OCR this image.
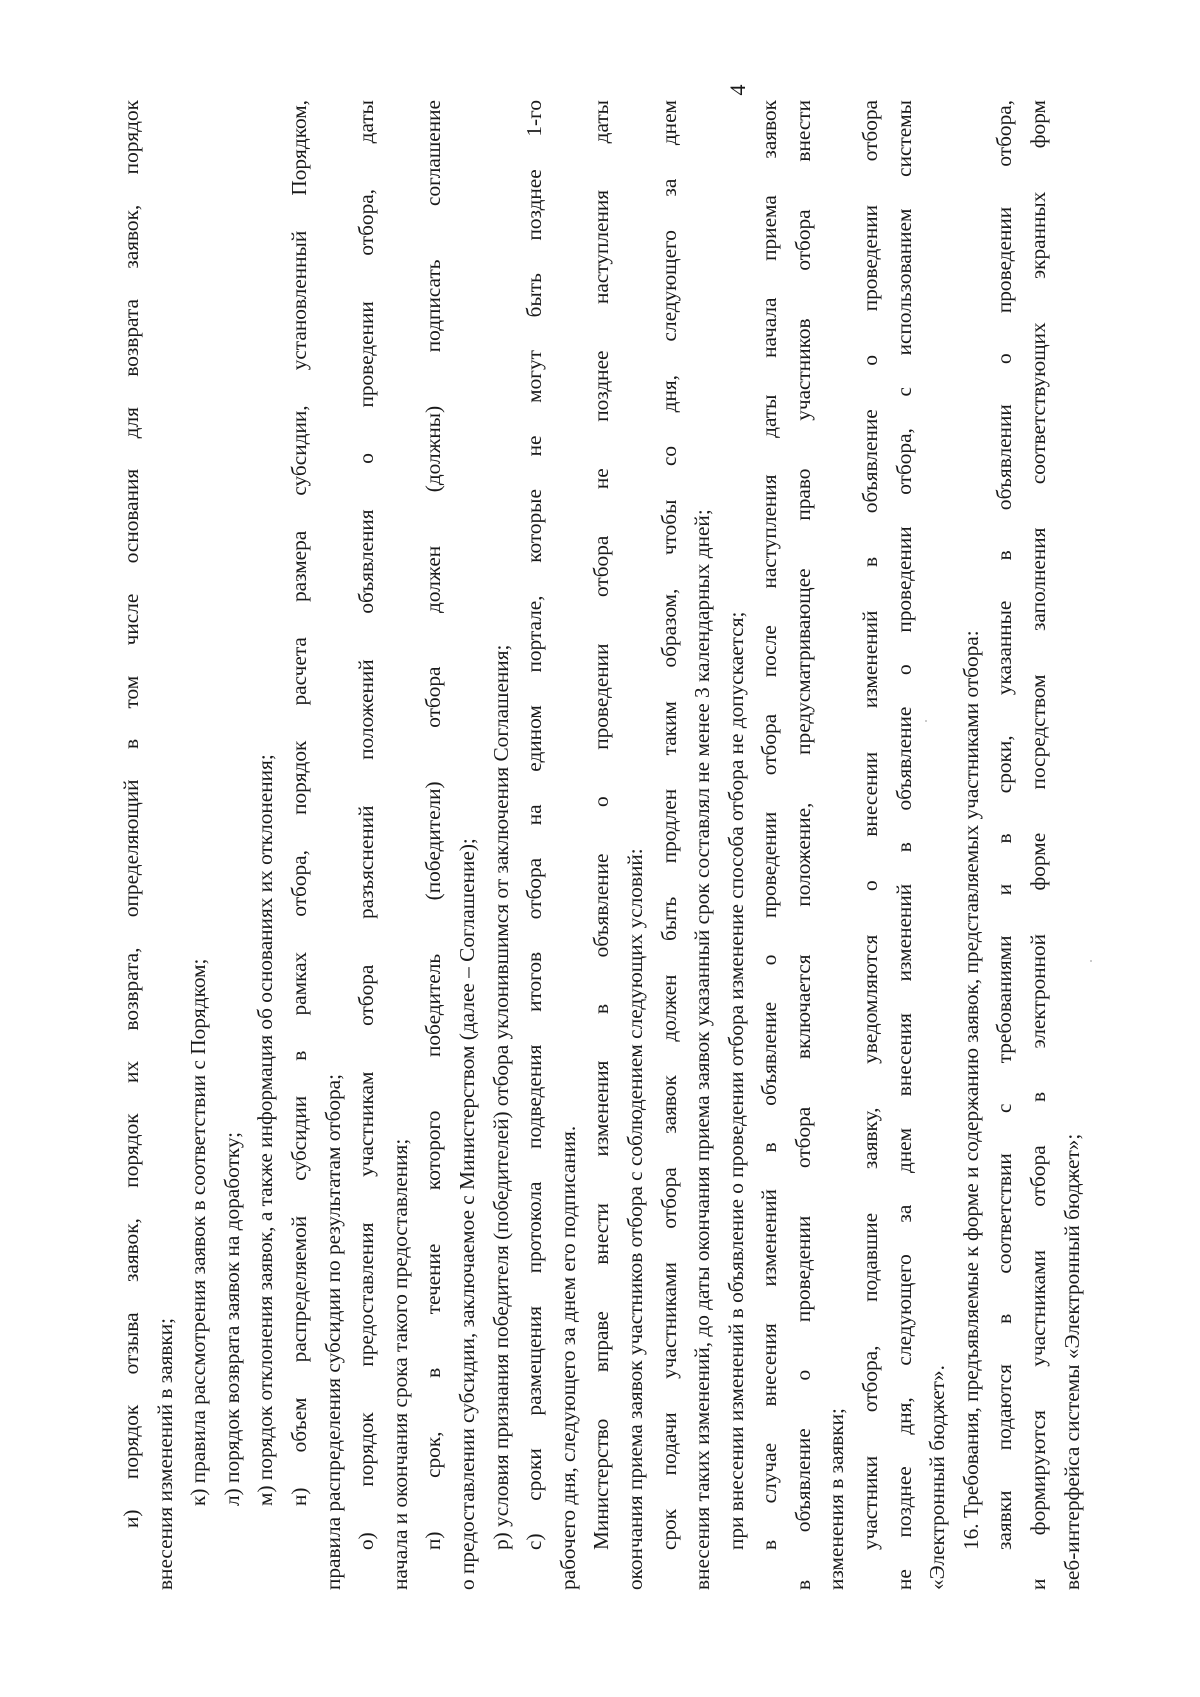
4
и) порядок отзыва заявок, порядок их возврата, определяющий в том числе основания для возврата заявок, порядок внесения изменений в заявки; к) правила рассмотрения заявок в соответствии с Порядком; л) порядок возврата заявок на доработку; м) порядок отклонения заявок, а также информация об основаниях их отклонения; н) объем распределяемой субсидии в рамках отбора, порядок расчета размера субсидии, установленный Порядком, правила распределения субсидии по результатам отбора; о) порядок предоставления участникам отбора разъяснений положений объявления о проведении отбора, даты начала и окончания срока такого предоставления; п) срок, в течение которого победитель (победители) отбора должен (должны) подписать соглашение о предоставлении субсидии, заключаемое с Министерством (далее – Соглашение); р) условия признания победителя (победителей) отбора уклонившимся от заключения Соглашения; с) сроки размещения протокола подведения итогов отбора на едином портале, которые не могут быть позднее 1-го рабочего дня, следующего за днем его подписания. Министерство вправе внести изменения в объявление о проведении отбора не позднее наступления даты окончания приема заявок участников отбора с соблюдением следующих условий: срок подачи участниками отбора заявок должен быть продлен таким образом, чтобы со дня, следующего за днем внесения таких изменений, до даты окончания приема заявок указанный срок составлял не менее 3 календарных дней; при внесении изменений в объявление о проведении отбора изменение способа отбора не допускается; в случае внесения изменений в объявление о проведении отбора после наступления даты начала приема заявок в объявление о проведении отбора включается положение, предусматривающее право участников отбора внести изменения в заявки; участники отбора, подавшие заявку, уведомляются о внесении изменений в объявление о проведении отбора не позднее дня, следующего за днем внесения изменений в объявление о проведении отбора, с использованием системы «Электронный бюджет». 16. Требования, предъявляемые к форме и содержанию заявок, представляемых участниками отбора: заявки подаются в соответствии с требованиями и в сроки, указанные в объявлении о проведении отбора, и формируются участниками отбора в электронной форме посредством заполнения соответствующих экранных форм веб-интерфейса системы «Электронный бюджет»;
